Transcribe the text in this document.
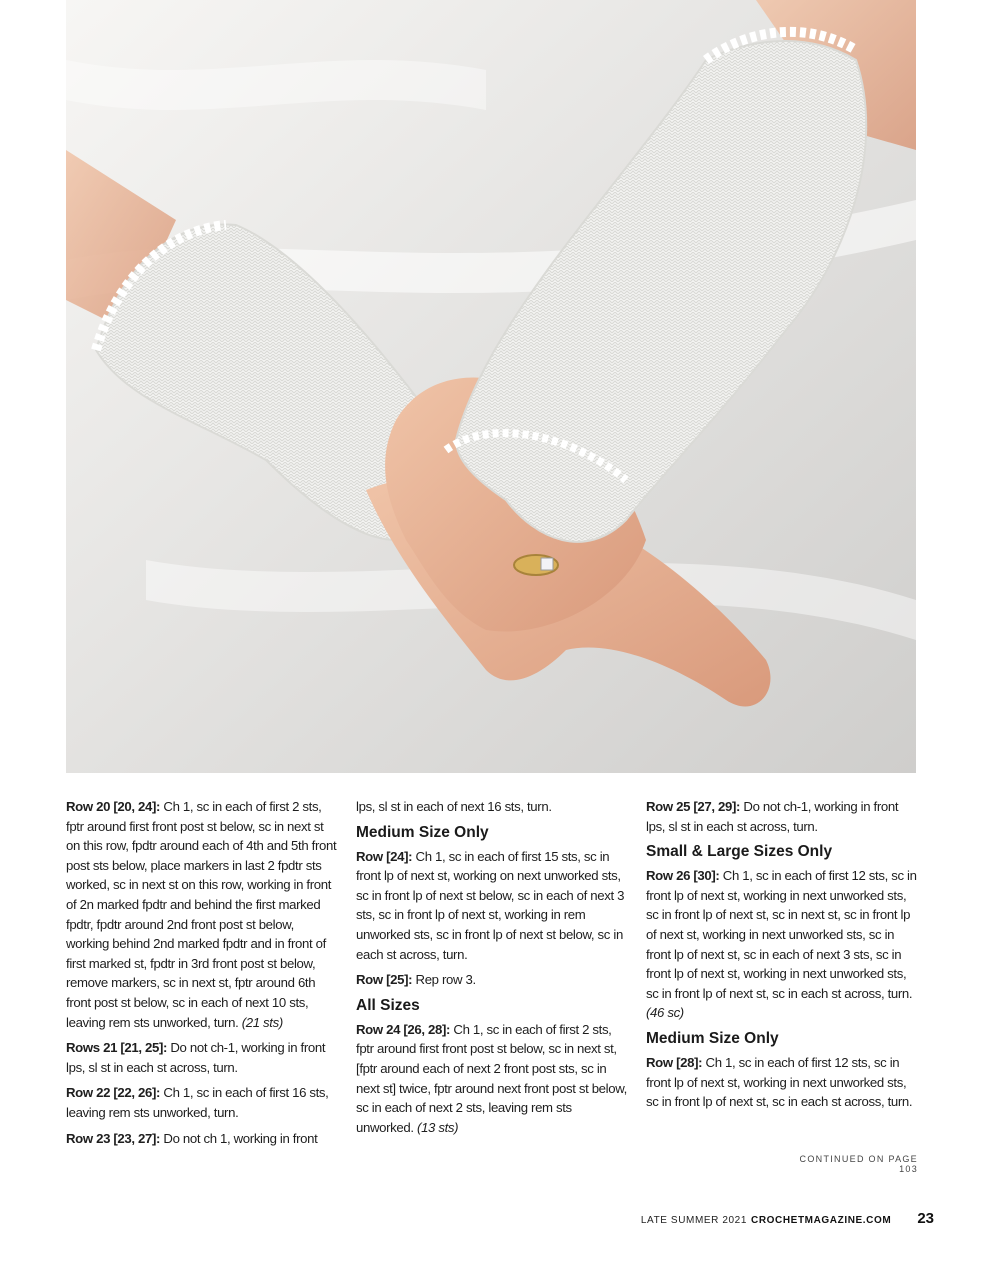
Row 20 [20, 24]: Ch 1, sc in each of first 2 sts, fptr around first front post st below, sc in next st on this row, fpdtr around each of 4th and 5th front post sts below, place markers in last 2 fpdtr sts worked, sc in next st on this row, working in front of 2n marked fpdtr and behind the first marked fpdtr, fpdtr around 2nd front post st below, working behind 2nd marked fpdtr and in front of first marked st, fpdtr in 3rd front post st below, remove markers, sc in next st, fptr around 6th front post st below, sc in each of next 10 sts, leaving rem sts unworked, turn. (21 sts)

Rows 21 [21, 25]: Do not ch-1, working in front lps, sl st in each st across, turn.

Row 22 [22, 26]: Ch 1, sc in each of first 16 sts, leaving rem sts unworked, turn.

Row 23 [23, 27]: Do not ch 1, working in front

lps, sl st in each of next 16 sts, turn.

Medium Size Only

Row [24]: Ch 1, sc in each of first 15 sts, sc in front lp of next st, working on next unworked sts, sc in front lp of next st below, sc in each of next 3 sts, sc in front lp of next st, working in rem unworked sts, sc in front lp of next st below, sc in each st across, turn.

Row [25]: Rep row 3.

All Sizes

Row 24 [26, 28]: Ch 1, sc in each of first 2 sts, fptr around first front post st below, sc in next st, [fptr around each of next 2 front post sts, sc in next st] twice, fptr around next front post st below, sc in each of next 2 sts, leaving rem sts unworked. (13 sts)

Row 25 [27, 29]: Do not ch-1, working in front lps, sl st in each st across, turn.

Small & Large Sizes Only

Row 26 [30]: Ch 1, sc in each of first 12 sts, sc in front lp of next st, working in next unworked sts, sc in front lp of next st, sc in next st, sc in front lp of next st, working in next unworked sts, sc in front lp of next st, sc in each of next 3 sts, sc in front lp of next st, working in next unworked sts, sc in front lp of next st, sc in each st across, turn. (46 sc)

Medium Size Only

Row [28]: Ch 1, sc in each of first 12 sts, sc in front lp of next st, working in next unworked sts, sc in front lp of next st, sc in each st across, turn.

CONTINUED ON PAGE 103
LATE SUMMER 2021 CROCHETMAGAZINE.COM 23
